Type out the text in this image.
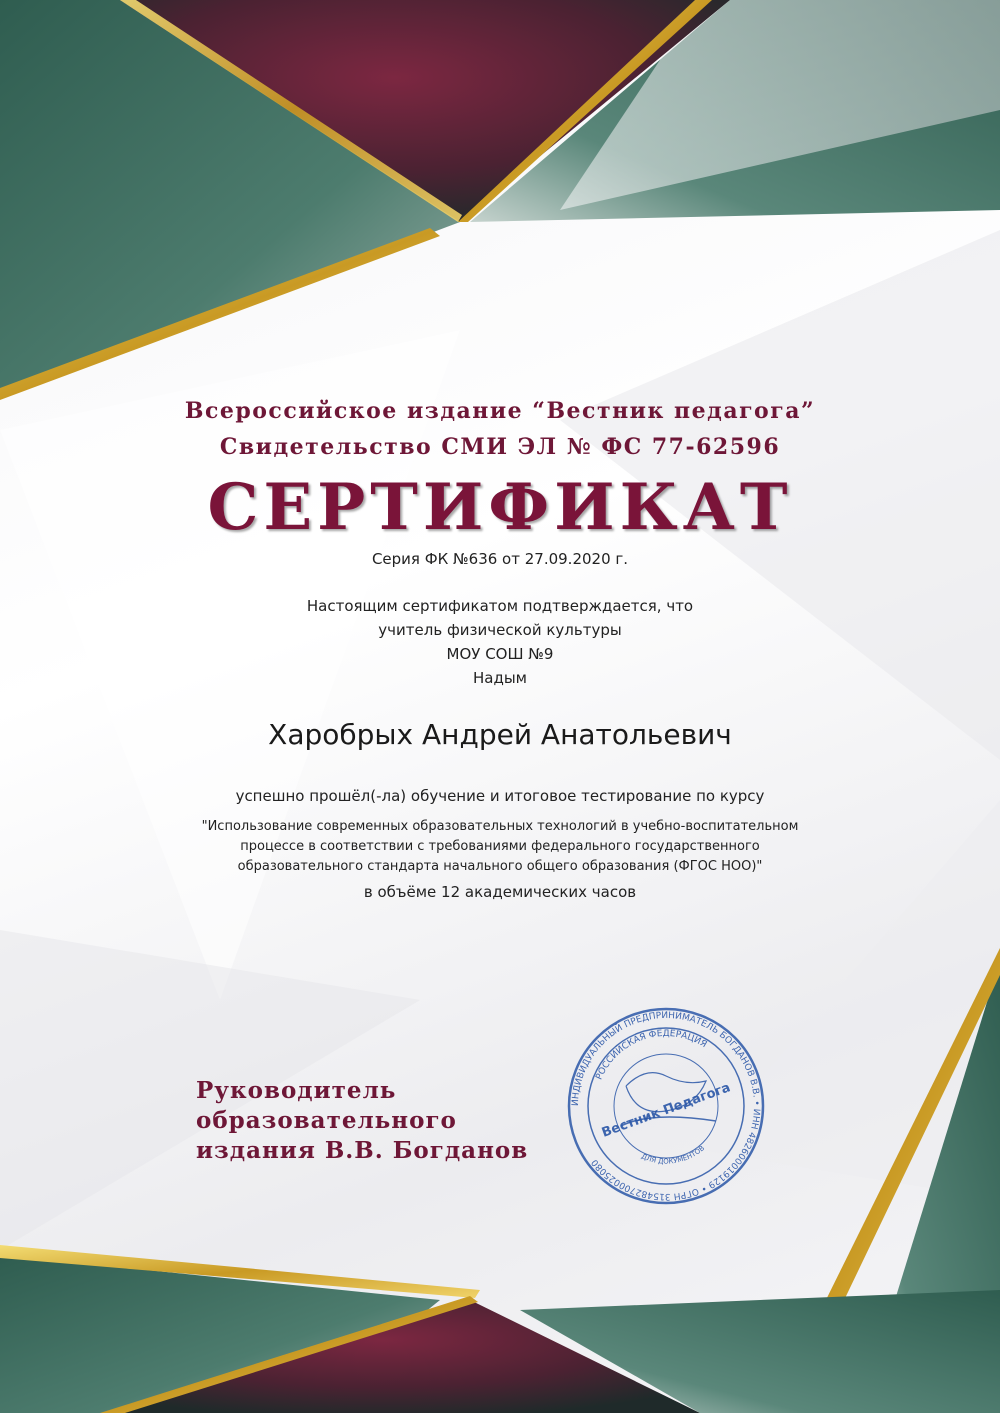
Всероссийское издание “Вестник педагога”
Свидетельство СМИ ЭЛ № ФС 77-62596
СЕРТИФИКАТ
Серия ФК №636 от 27.09.2020 г.
Настоящим сертификатом подтверждается, что
учитель физической культуры
МОУ СОШ №9
Надым
Харобрых Андрей Анатольевич
успешно прошёл(-ла) обучение и итоговое тестирование по курсу
"Использование современных образовательных технологий в учебно-воспитательном
процессе в соответствии с требованиями федерального государственного
образовательного стандарта начального общего образования (ФГОС НОО)"
в объёме 12 академических часов
Руководитель
образовательного
издания В.В. Богданов
ИНДИВИДУАЛЬНЫЙ ПРЕДПРИНИМАТЕЛЬ БОГДАНОВ В.В. • ИНН 482600019129 • ОГРН 315482700025080
РОССИЙСКАЯ ФЕДЕРАЦИЯ
ДЛЯ ДОКУМЕНТОВ
Вестник Педагога
